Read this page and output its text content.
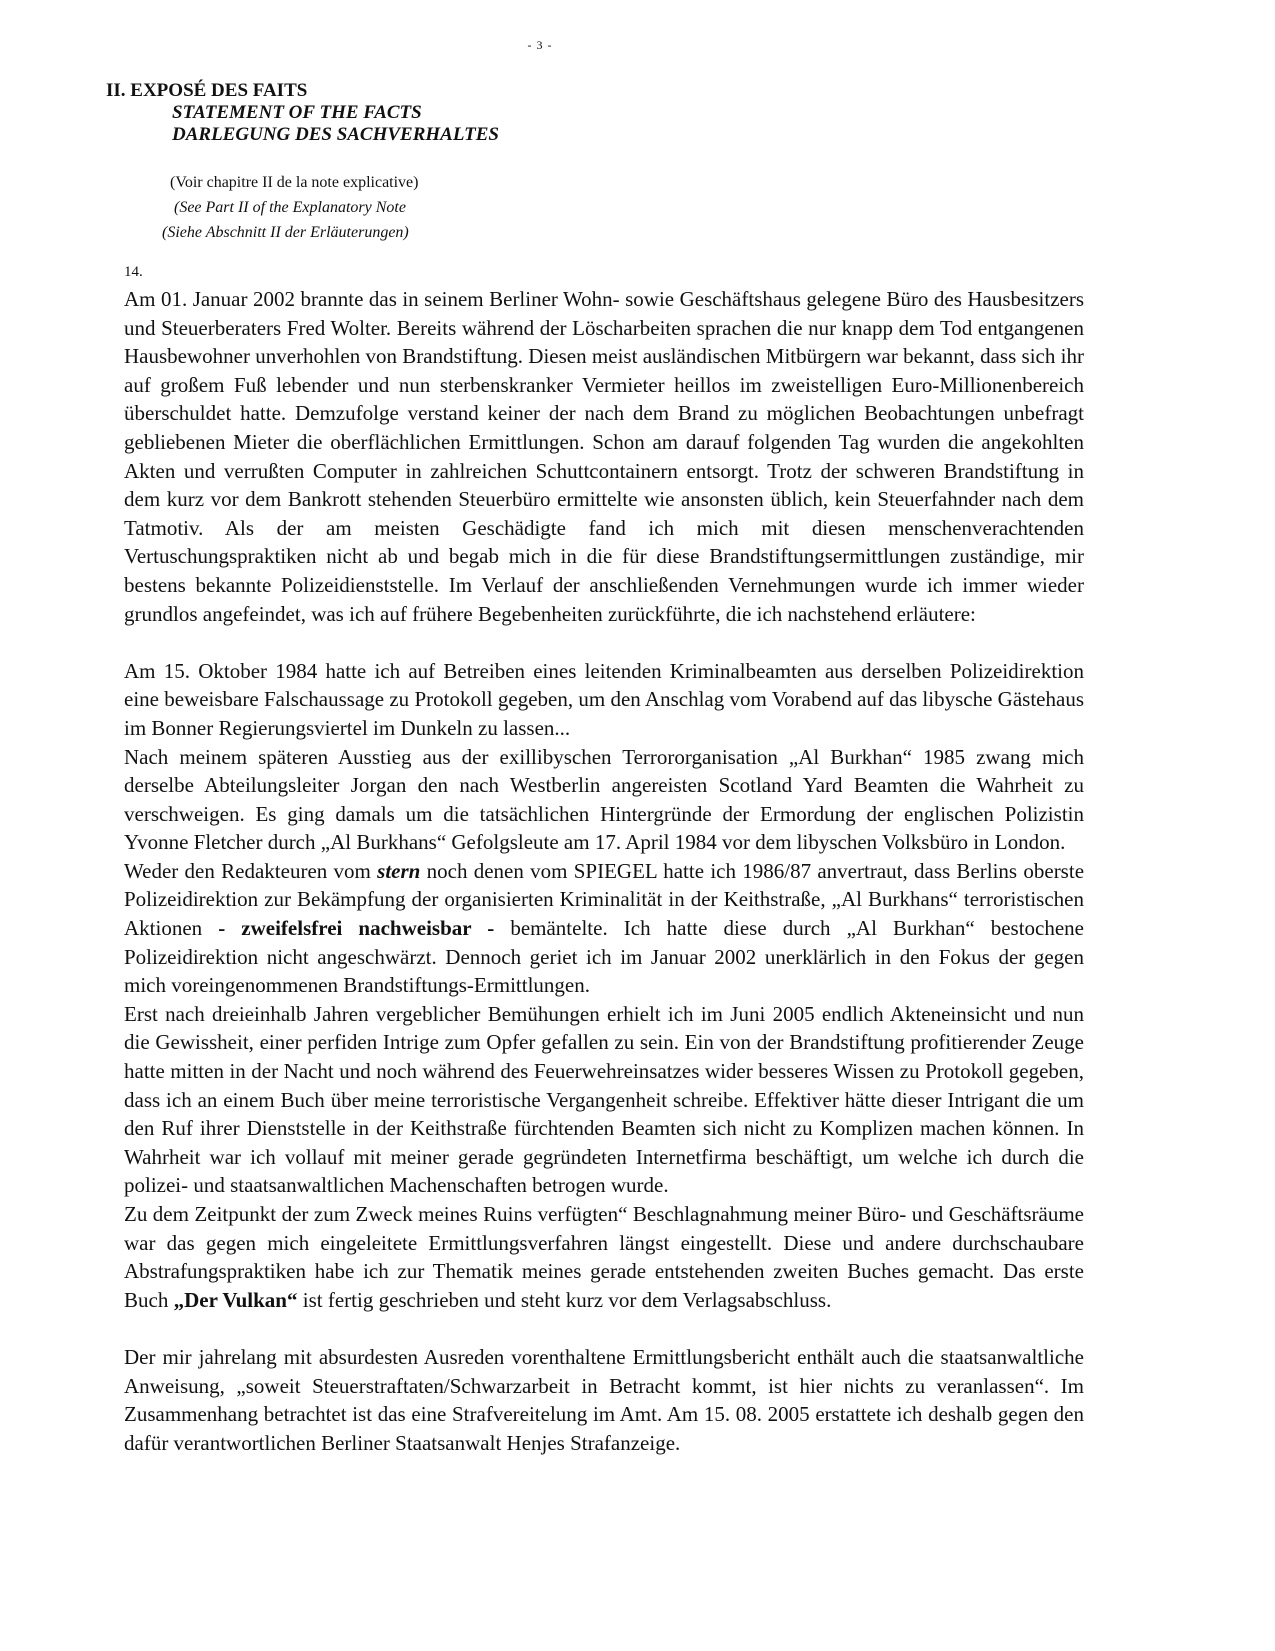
- 3 -
II. EXPOSÉ DES FAITS
STATEMENT OF THE FACTS
DARLEGUNG DES SACHVERHALTES
(Voir chapitre II de la note explicative)
(See Part II of the Explanatory Note
(Siehe Abschnitt II der Erläuterungen)
14.

Am 01. Januar 2002 brannte das in seinem Berliner Wohn- sowie Geschäftshaus gelegene Büro des Hausbesitzers und Steuerberaters Fred Wolter. Bereits während der Löscharbeiten sprachen die nur knapp dem Tod entgangenen Hausbewohner unverhohlen von Brandstiftung. Diesen meist ausländischen Mitbürgern war bekannt, dass sich ihr auf großem Fuß lebender und nun sterbenskranker Vermieter heillos im zweistelligen Euro-Millionenbereich überschuldet hatte. Demzufolge verstand keiner der nach dem Brand zu möglichen Beobachtungen unbefragt gebliebenen Mieter die oberflächlichen Ermittlungen. Schon am darauf folgenden Tag wurden die angekohlten Akten und verrußten Computer in zahlreichen Schuttcontainern entsorgt. Trotz der schweren Brandstiftung in dem kurz vor dem Bankrott stehenden Steuerbüro ermittelte wie ansonsten üblich, kein Steuerfahnder nach dem Tatmotiv. Als der am meisten Geschädigte fand ich mich mit diesen menschenverachtenden Vertuschungspraktiken nicht ab und begab mich in die für diese Brandstiftungsermittlungen zuständige, mir bestens bekannte Polizeidienststelle. Im Verlauf der anschließenden Vernehmungen wurde ich immer wieder grundlos angefeindet, was ich auf frühere Begebenheiten zurückführte, die ich nachstehend erläutere:

Am 15. Oktober 1984 hatte ich auf Betreiben eines leitenden Kriminalbeamten aus derselben Polizeidirektion eine beweisbare Falschaussage zu Protokoll gegeben, um den Anschlag vom Vorabend auf das libysche Gästehaus im Bonner Regierungsviertel im Dunkeln zu lassen...

Nach meinem späteren Ausstieg aus der exillibyschen Terrororganisation „Al Burkhan“ 1985 zwang mich derselbe Abteilungsleiter Jorgan den nach Westberlin angereisten Scotland Yard Beamten die Wahrheit zu verschweigen. Es ging damals um die tatsächlichen Hintergründe der Ermordung der englischen Polizistin Yvonne Fletcher durch „Al Burkhans“ Gefolgsleute am 17. April 1984 vor dem libyschen Volksbüro in London.

Weder den Redakteuren vom stern noch denen vom SPIEGEL hatte ich 1986/87 anvertraut, dass Berlins oberste Polizeidirektion zur Bekämpfung der organisierten Kriminalität in der Keithstraße, „Al Burkhans“ terroristischen Aktionen - zweifelsfrei nachweisbar - bemäntelte. Ich hatte diese durch „Al Burkhan“ bestochene Polizeidirektion nicht angeschwärzt. Dennoch geriet ich im Januar 2002 unerklärlich in den Fokus der gegen mich voreingenommenen Brandstiftungs-Ermittlungen.

Erst nach dreieinhalb Jahren vergeblicher Bemühungen erhielt ich im Juni 2005 endlich Akteneinsicht und nun die Gewissheit, einer perfiden Intrige zum Opfer gefallen zu sein. Ein von der Brandstiftung profitierender Zeuge hatte mitten in der Nacht und noch während des Feuerwehreinsatzes wider besseres Wissen zu Protokoll gegeben, dass ich an einem Buch über meine terroristische Vergangenheit schreibe. Effektiver hätte dieser Intrigant die um den Ruf ihrer Dienststelle in der Keithstraße fürchtenden Beamten sich nicht zu Komplizen machen können. In Wahrheit war ich vollauf mit meiner gerade gegründeten Internetfirma beschäftigt, um welche ich durch die polizei- und staatsanwaltlichen Machenschaften betrogen wurde.

Zu dem Zeitpunkt der zum Zweck meines Ruins verfügten“ Beschlagnahmung meiner Büro- und Geschäftsräume war das gegen mich eingeleitete Ermittlungsverfahren längst eingestellt. Diese und andere durchschaubare Abstrafungspraktiken habe ich zur Thematik meines gerade entstehenden zweiten Buches gemacht. Das erste Buch „Der Vulkan“ ist fertig geschrieben und steht kurz vor dem Verlagsabschluss.

Der mir jahrelang mit absurdesten Ausreden vorenthaltene Ermittlungsbericht enthält auch die staatsanwaltliche Anweisung, „soweit Steuerstraftaten/Schwarzarbeit in Betracht kommt, ist hier nichts zu veranlassen“. Im Zusammenhang betrachtet ist das eine Strafvereitelung im Amt. Am 15. 08. 2005 erstattete ich deshalb gegen den dafür verantwortlichen Berliner Staatsanwalt Henjes Strafanzeige.
